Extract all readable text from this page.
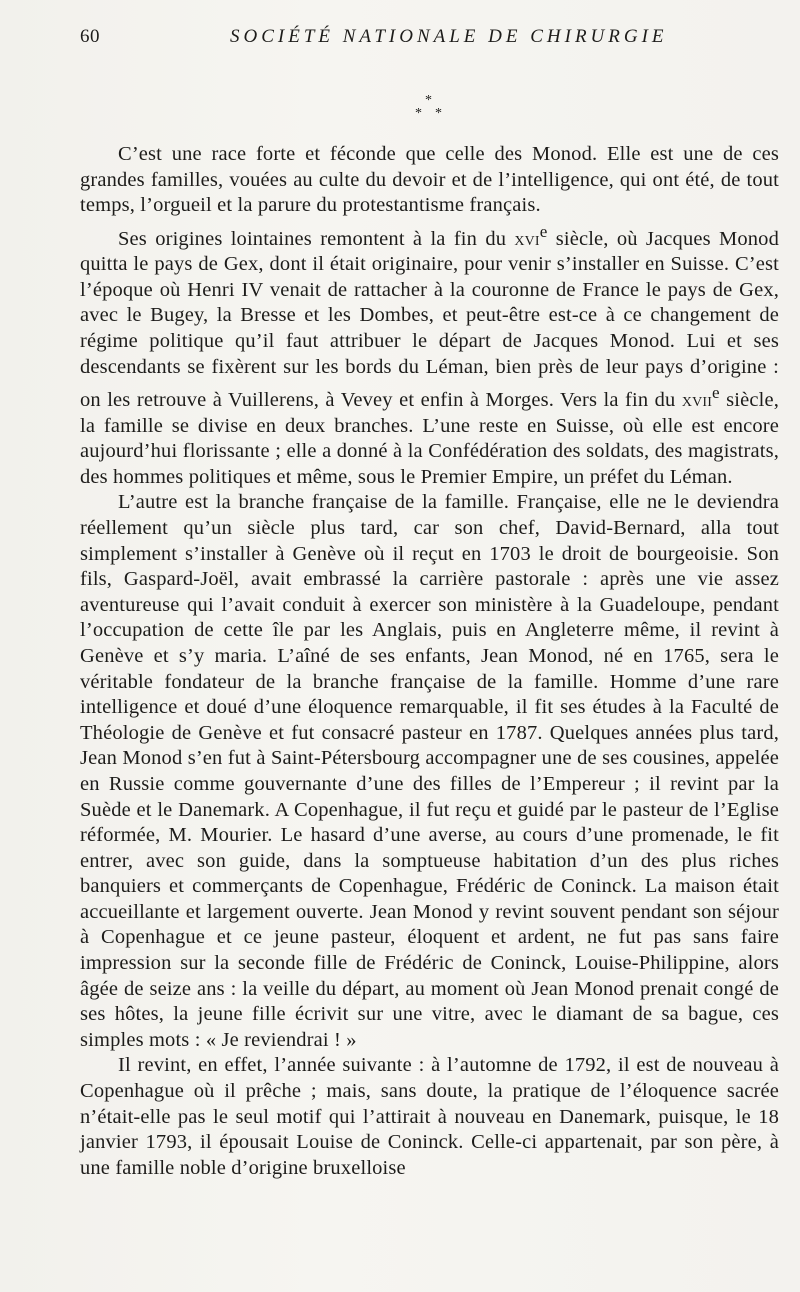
60	SOCIÉTÉ NATIONALE DE CHIRURGIE
*
* *

C’est une race forte et féconde que celle des Monod. Elle est une de ces grandes familles, vouées au culte du devoir et de l’intelligence, qui ont été, de tout temps, l’orgueil et la parure du protestantisme français.

Ses origines lointaines remontent à la fin du xvi$^e$ siècle, où Jacques Monod quitta le pays de Gex, dont il était originaire, pour venir s’installer en Suisse. C’est l’époque où Henri IV venait de rattacher à la couronne de France le pays de Gex, avec le Bugey, la Bresse et les Dombes, et peut-être est-ce à ce changement de régime politique qu’il faut attribuer le départ de Jacques Monod. Lui et ses descendants se fixèrent sur les bords du Léman, bien près de leur pays d’origine : on les retrouve à Vuillerens, à Vevey et enfin à Morges. Vers la fin du xvii$^e$ siècle, la famille se divise en deux branches. L’une reste en Suisse, où elle est encore aujourd’hui florissante ; elle a donné à la Confédération des soldats, des magistrats, des hommes politiques et même, sous le Premier Empire, un préfet du Léman.

L’autre est la branche française de la famille. Française, elle ne le deviendra réellement qu’un siècle plus tard, car son chef, David-Bernard, alla tout simplement s’installer à Genève où il reçut en 1703 le droit de bourgeoisie. Son fils, Gaspard-Joël, avait embrassé la carrière pastorale : après une vie assez aventureuse qui l’avait conduit à exercer son ministère à la Guadeloupe, pendant l’occupation de cette île par les Anglais, puis en Angleterre même, il revint à Genève et s’y maria. L’aîné de ses enfants, Jean Monod, né en 1765, sera le véritable fondateur de la branche française de la famille. Homme d’une rare intelligence et doué d’une éloquence remarquable, il fit ses études à la Faculté de Théologie de Genève et fut consacré pasteur en 1787. Quelques années plus tard, Jean Monod s’en fut à Saint-Pétersbourg accompagner une de ses cousines, appelée en Russie comme gouvernante d’une des filles de l’Empereur ; il revint par la Suède et le Danemark. A Copenhague, il fut reçu et guidé par le pasteur de l’Eglise réformée, M. Mourier. Le hasard d’une averse, au cours d’une promenade, le fit entrer, avec son guide, dans la somptueuse habitation d’un des plus riches banquiers et commerçants de Copenhague, Frédéric de Coninck. La maison était accueillante et largement ouverte. Jean Monod y revint souvent pendant son séjour à Copenhague et ce jeune pasteur, éloquent et ardent, ne fut pas sans faire impression sur la seconde fille de Frédéric de Coninck, Louise-Philippine, alors âgée de seize ans : la veille du départ, au moment où Jean Monod prenait congé de ses hôtes, la jeune fille écrivit sur une vitre, avec le diamant de sa bague, ces simples mots : « Je reviendrai ! »

Il revint, en effet, l’année suivante : à l’automne de 1792, il est de nouveau à Copenhague où il prêche ; mais, sans doute, la pratique de l’éloquence sacrée n’était-elle pas le seul motif qui l’attirait à nouveau en Danemark, puisque, le 18 janvier 1793, il épousait Louise de Coninck. Celle-ci appartenait, par son père, à une famille noble d’origine bruxelloise
